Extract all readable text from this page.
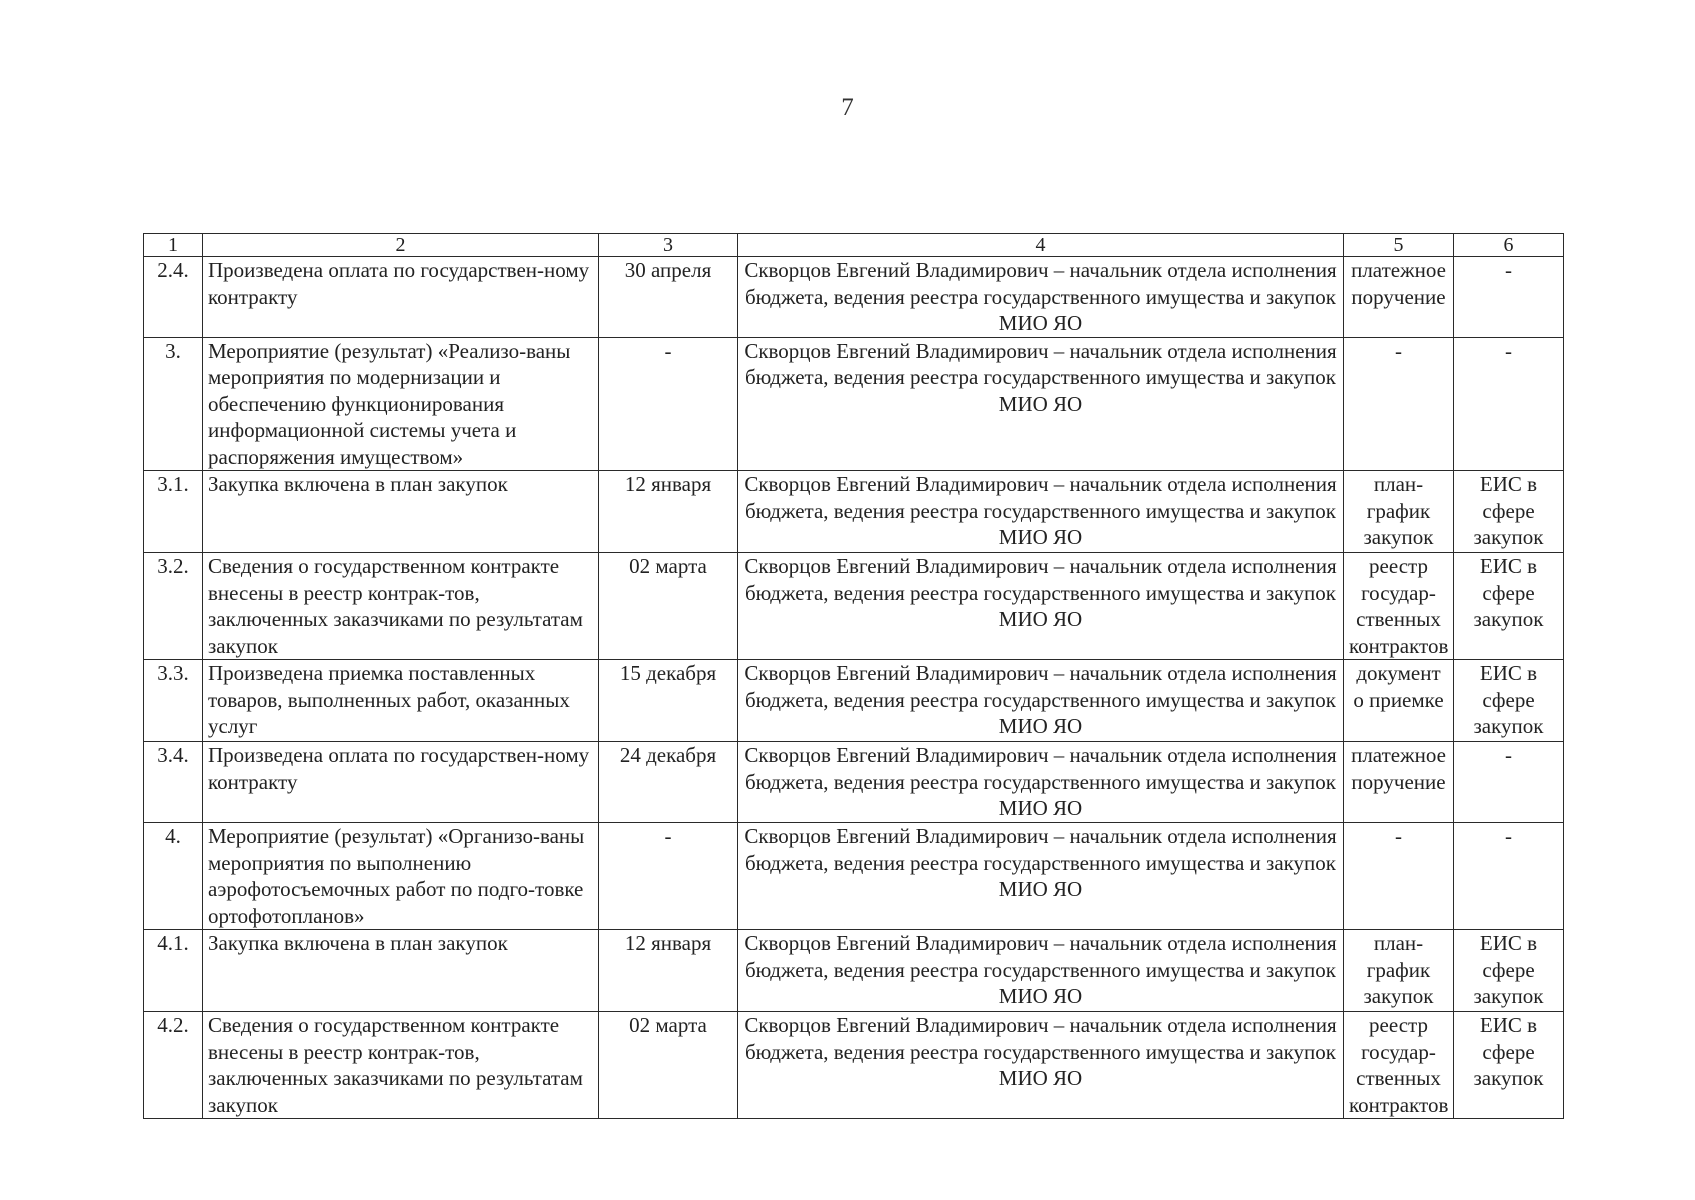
7
1	2	3	4	5	6
2.4.	Произведена оплата по государствен-ному контракту	30 апреля	Скворцов Евгений Владимирович – начальник отдела исполнения бюджета, ведения реестра государственного имущества и закупок МИО ЯО	платежное поручение	-
3.	Мероприятие (результат) «Реализо-ваны мероприятия по модернизации и обеспечению функционирования информационной системы учета и распоряжения имуществом»	-	Скворцов Евгений Владимирович – начальник отдела исполнения бюджета, ведения реестра государственного имущества и закупок МИО ЯО	-	-
3.1.	Закупка включена в план закупок	12 января	Скворцов Евгений Владимирович – начальник отдела исполнения бюджета, ведения реестра государственного имущества и закупок МИО ЯО	план-график закупок	ЕИС в сфере закупок
3.2.	Сведения о государственном контракте внесены в реестр контрак-тов, заключенных заказчиками по результатам закупок	02 марта	Скворцов Евгений Владимирович – начальник отдела исполнения бюджета, ведения реестра государственного имущества и закупок МИО ЯО	реестр государ-ственных контрактов	ЕИС в сфере закупок
3.3.	Произведена приемка поставленных товаров, выполненных работ, оказанных услуг	15 декабря	Скворцов Евгений Владимирович – начальник отдела исполнения бюджета, ведения реестра государственного имущества и закупок МИО ЯО	документ о приемке	ЕИС в сфере закупок
3.4.	Произведена оплата по государствен-ному контракту	24 декабря	Скворцов Евгений Владимирович – начальник отдела исполнения бюджета, ведения реестра государственного имущества и закупок МИО ЯО	платежное поручение	-
4.	Мероприятие (результат) «Организо-ваны мероприятия по выполнению аэрофотосъемочных работ по подго-товке ортофотопланов»	-	Скворцов Евгений Владимирович – начальник отдела исполнения бюджета, ведения реестра государственного имущества и закупок МИО ЯО	-	-
4.1.	Закупка включена в план закупок	12 января	Скворцов Евгений Владимирович – начальник отдела исполнения бюджета, ведения реестра государственного имущества и закупок МИО ЯО	план-график закупок	ЕИС в сфере закупок
4.2.	Сведения о государственном контракте внесены в реестр контрак-тов, заключенных заказчиками по результатам закупок	02 марта	Скворцов Евгений Владимирович – начальник отдела исполнения бюджета, ведения реестра государственного имущества и закупок МИО ЯО	реестр государ-ственных контрактов	ЕИС в сфере закупок
